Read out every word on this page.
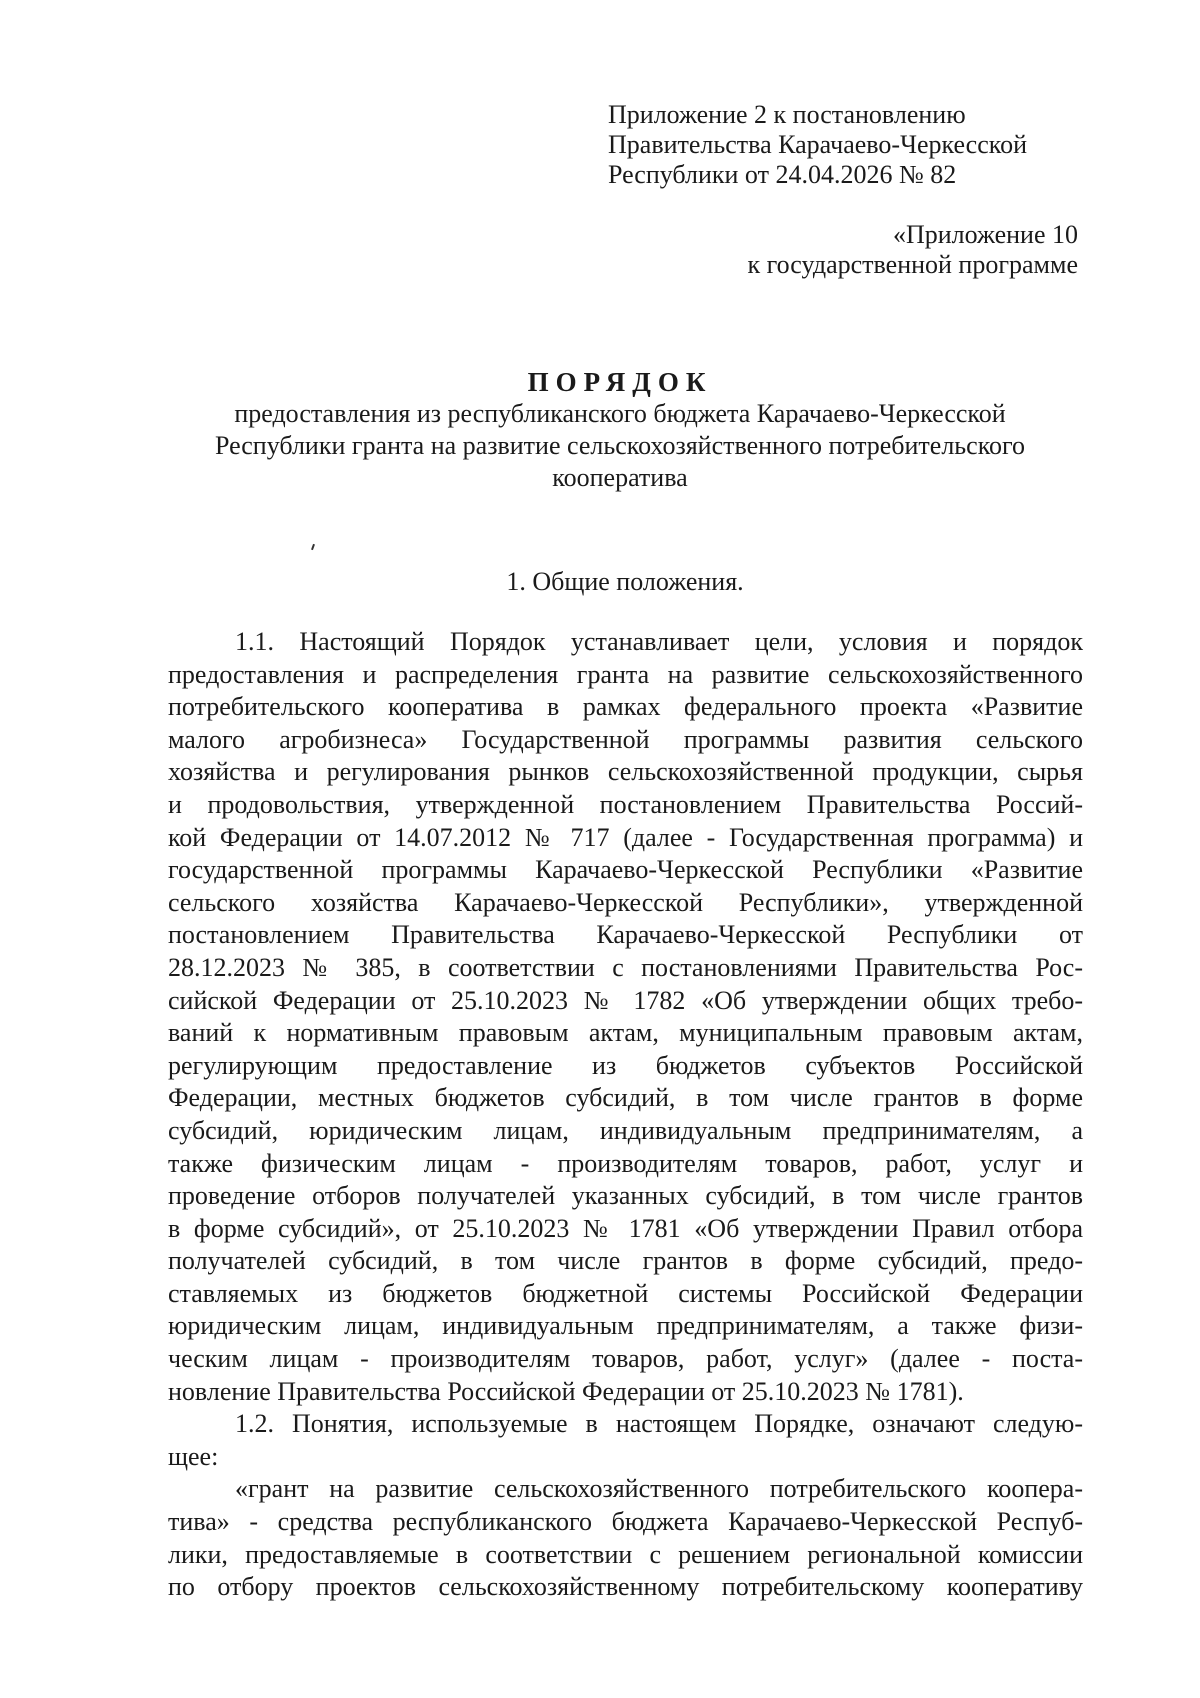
Приложение 2 к постановлению
Правительства Карачаево-Черкесской
Республики от 24.04.2026 № 82
«Приложение 10
к государственной программе
ПОРЯДОК
предоставления из республиканского бюджета Карачаево-Черкесской
Республики гранта на развитие сельскохозяйственного потребительского
кооператива
1. Общие положения.
1.1. Настоящий Порядок устанавливает цели, условия и порядок
предоставления и распределения гранта на развитие сельскохозяйственного
потребительского кооператива в рамках федерального проекта «Развитие
малого агробизнеса» Государственной программы развития сельского
хозяйства и регулирования рынков сельскохозяйственной продукции, сырья
и продовольствия, утвержденной постановлением Правительства Россий-
кой Федерации от 14.07.2012 № 717 (далее - Государственная программа) и
государственной программы Карачаево-Черкесской Республики «Развитие
сельского хозяйства Карачаево-Черкесской Республики», утвержденной
постановлением Правительства Карачаево-Черкесской Республики от
28.12.2023 № 385, в соответствии с постановлениями Правительства Рос-
сийской Федерации от 25.10.2023 № 1782 «Об утверждении общих требо-
ваний к нормативным правовым актам, муниципальным правовым актам,
регулирующим предоставление из бюджетов субъектов Российской
Федерации, местных бюджетов субсидий, в том числе грантов в форме
субсидий, юридическим лицам, индивидуальным предпринимателям, а
также физическим лицам - производителям товаров, работ, услуг и
проведение отборов получателей указанных субсидий, в том числе грантов
в форме субсидий», от 25.10.2023 № 1781 «Об утверждении Правил отбора
получателей субсидий, в том числе грантов в форме субсидий, предо-
ставляемых из бюджетов бюджетной системы Российской Федерации
юридическим лицам, индивидуальным предпринимателям, а также физи-
ческим лицам - производителям товаров, работ, услуг» (далее - поста-
новление Правительства Российской Федерации от 25.10.2023 № 1781).
1.2. Понятия, используемые в настоящем Порядке, означают следую-
щее:
«грант на развитие сельскохозяйственного потребительского коопера-
тива» - средства республиканского бюджета Карачаево-Черкесской Респуб-
лики, предоставляемые в соответствии с решением региональной комиссии
по отбору проектов сельскохозяйственному потребительскому кооперативу
